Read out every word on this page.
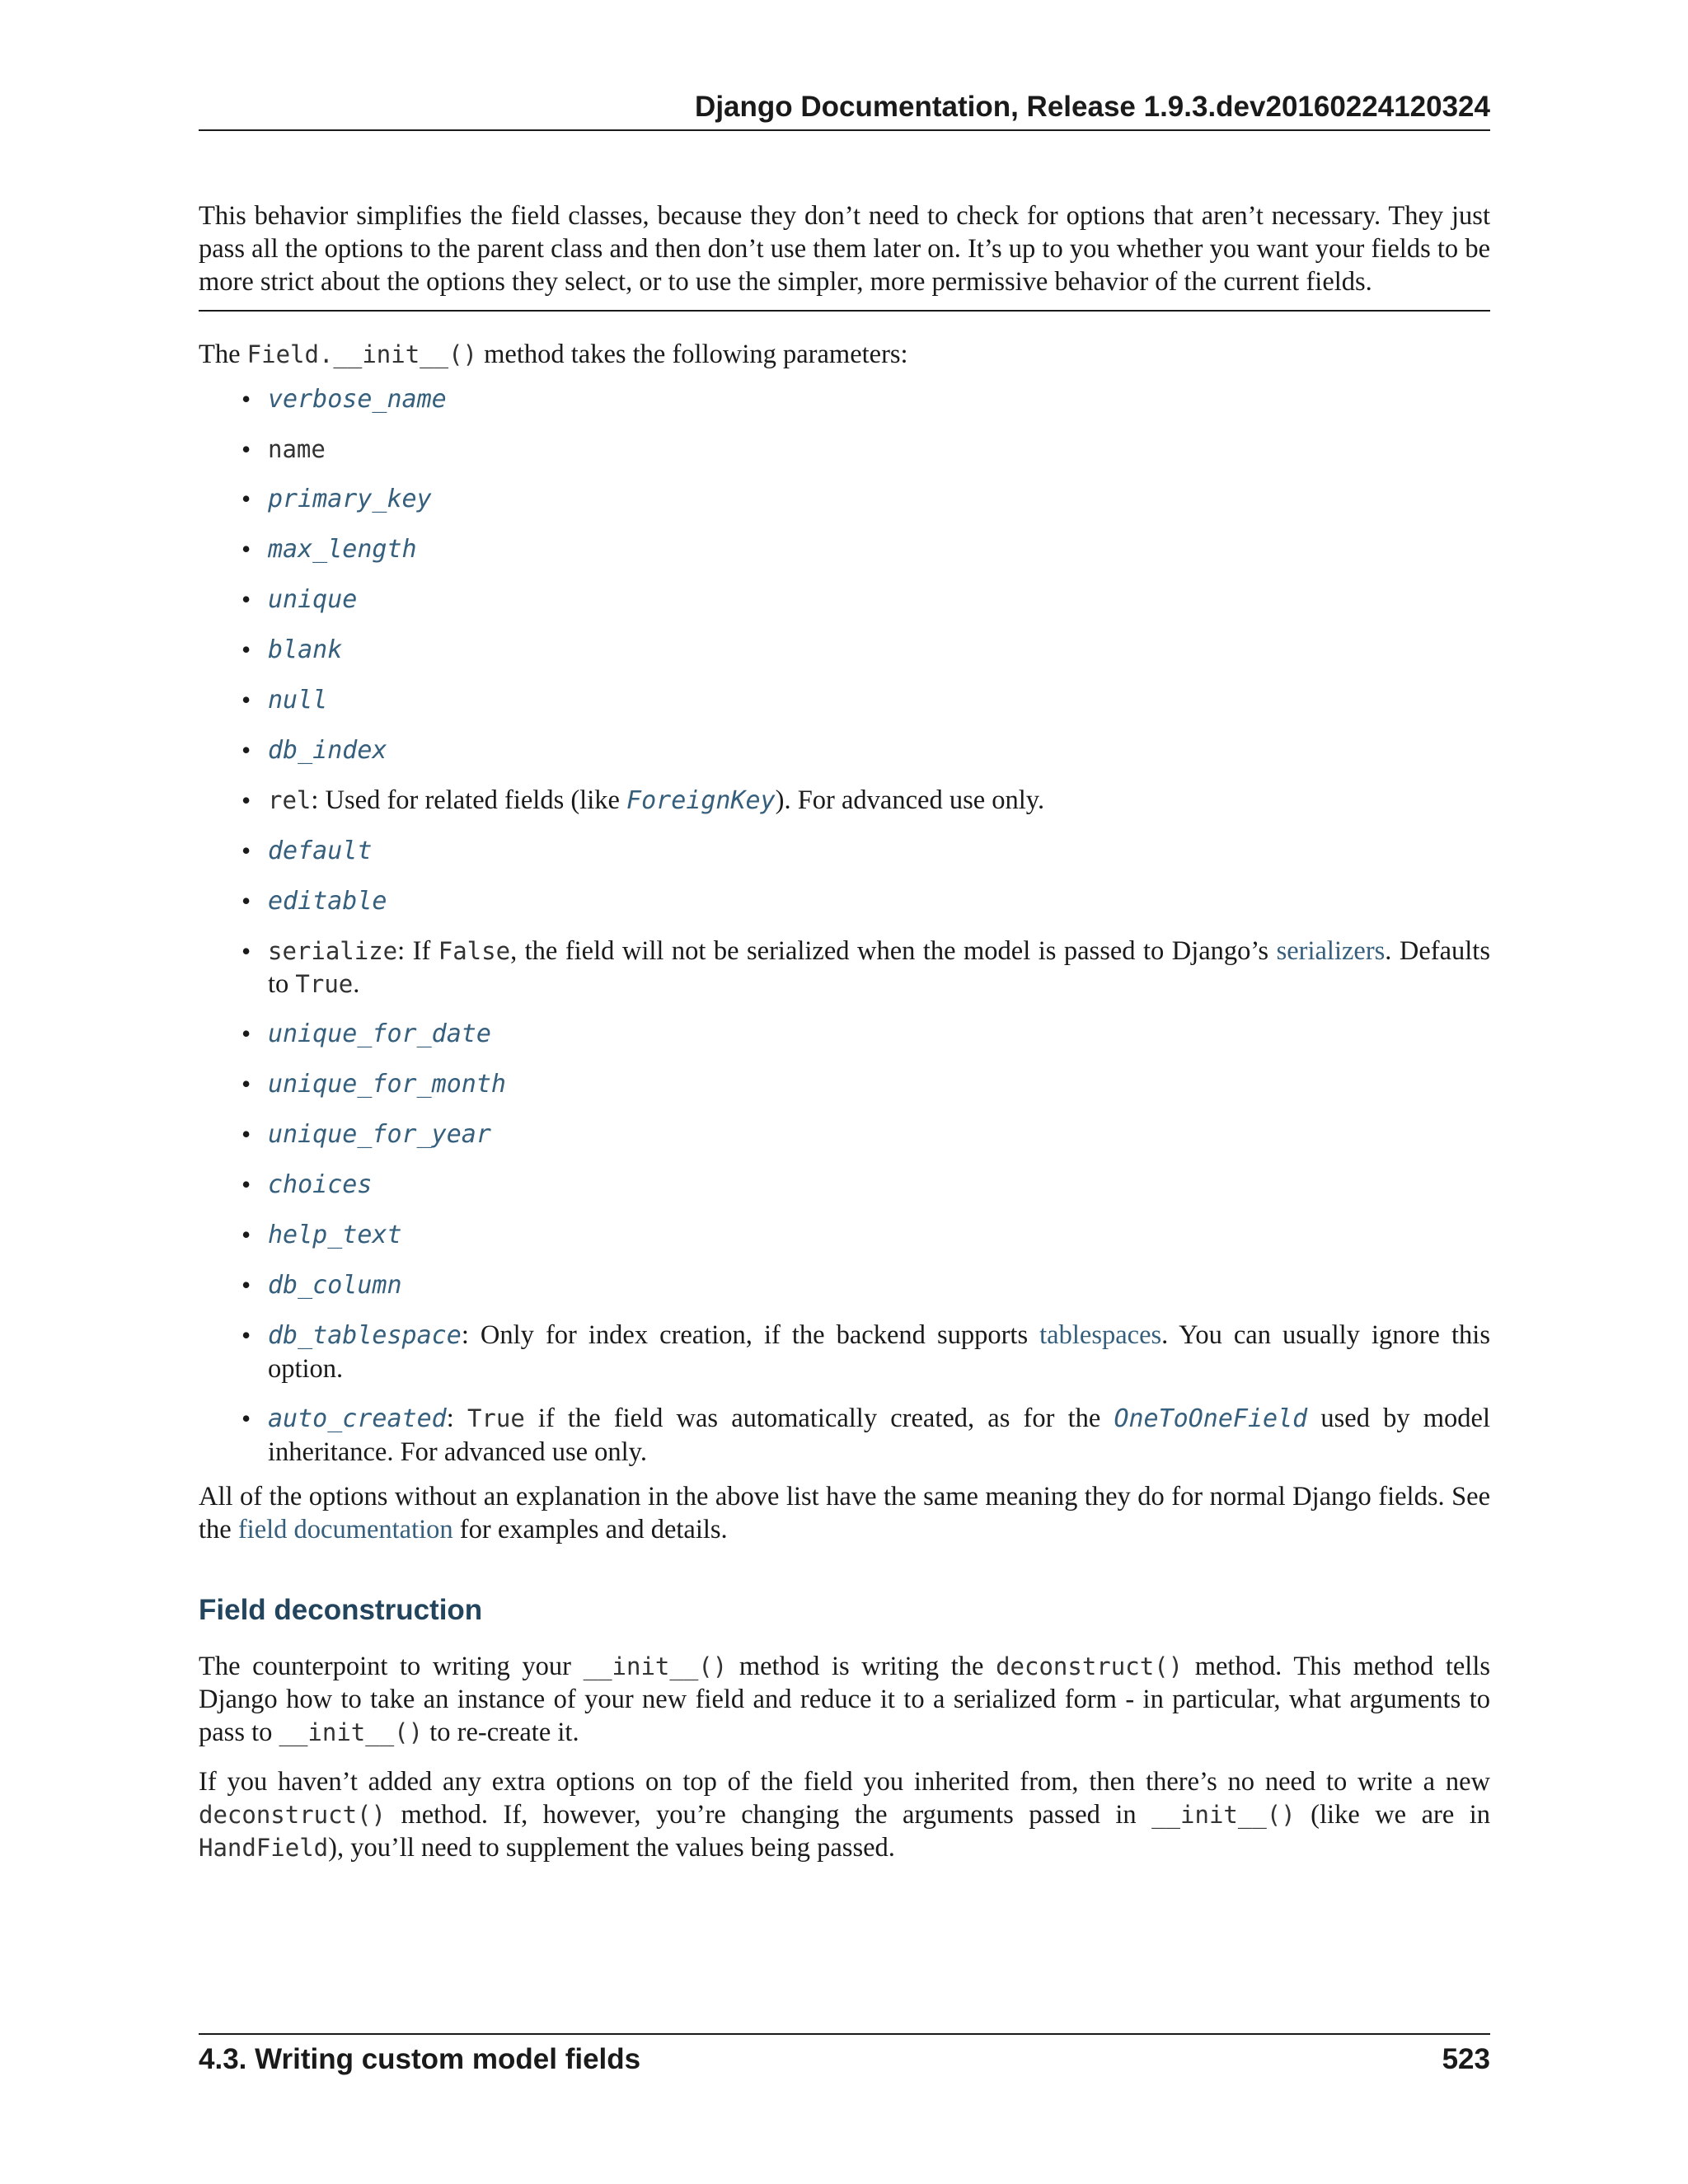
Django Documentation, Release 1.9.3.dev20160224120324

This behavior simplifies the field classes, because they don’t need to check for options that aren’t necessary. They just pass all the options to the parent class and then don’t use them later on. It’s up to you whether you want your fields to be more strict about the options they select, or to use the simpler, more permissive behavior of the current fields.

The Field.__init__() method takes the following parameters:

• verbose_name
• name
• primary_key
• max_length
• unique
• blank
• null
• db_index
• rel: Used for related fields (like ForeignKey). For advanced use only.
• default
• editable
• serialize: If False, the field will not be serialized when the model is passed to Django’s serializers. Defaults to True.
• unique_for_date
• unique_for_month
• unique_for_year
• choices
• help_text
• db_column
• db_tablespace: Only for index creation, if the backend supports tablespaces. You can usually ignore this option.
• auto_created: True if the field was automatically created, as for the OneToOneField used by model inheritance. For advanced use only.

All of the options without an explanation in the above list have the same meaning they do for normal Django fields. See the field documentation for examples and details.

Field deconstruction

The counterpoint to writing your __init__() method is writing the deconstruct() method. This method tells Django how to take an instance of your new field and reduce it to a serialized form - in particular, what arguments to pass to __init__() to re-create it.

If you haven’t added any extra options on top of the field you inherited from, then there’s no need to write a new deconstruct() method. If, however, you’re changing the arguments passed in __init__() (like we are in HandField), you’ll need to supplement the values being passed.

4.3. Writing custom model fields	523
